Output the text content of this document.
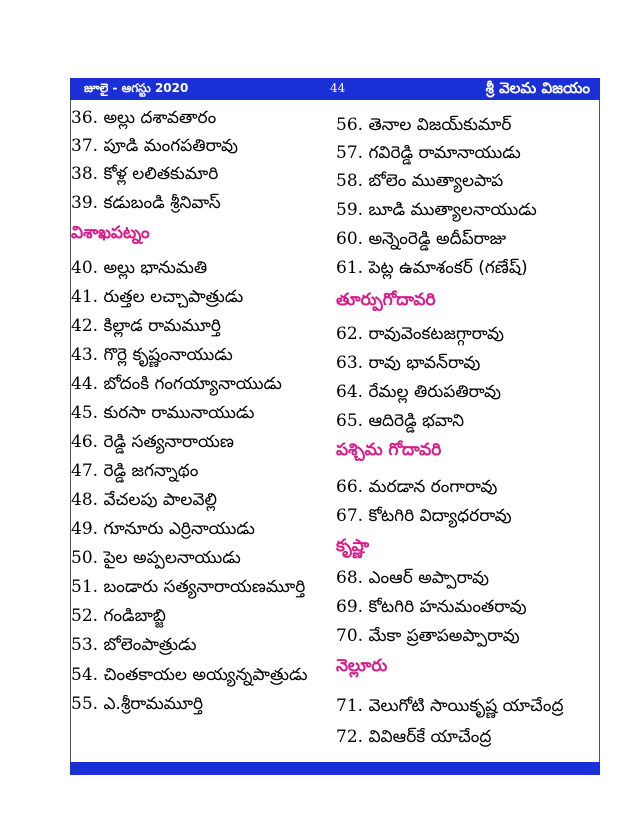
జూలై - ఆగస్టు 2020	44	శ్రీ వెలమ విజయం
36. అల్లు దశావతారం
37. పూడి మంగపతిరావు
38. కోళ్ల లలితకుమారి
39. కడుబండి శ్రీనివాస్
విశాఖపట్నం
40. అల్లు భానుమతి
41. రుత్తల లచ్చాపాత్రుడు
42. కిల్లాడ రామమూర్తి
43. గొర్లె కృష్ణంనాయుడు
44. బోదంకి గంగయ్యానాయుడు
45. కురసా రామునాయుడు
46. రెడ్డి సత్యనారాయణ
47. రెడ్డి జగన్నాథం
48. వేచలపు పాలవెల్లి
49. గూనూరు ఎర్రినాయుడు
50. పైల అప్పలనాయుడు
51. బండారు సత్యనారాయణమూర్తి
52. గండిబాబ్జి
53. బోలెంపాత్రుడు
54. చింతకాయల అయ్యన్నపాత్రుడు
55. ఎ.శ్రీరామమూర్తి
56. తెనాల విజయ్‌కుమార్
57. గవిరెడ్డి రామానాయుడు
58. బోలెం ముత్యాలపాప
59. బూడి ముత్యాలనాయుడు
60. అన్నెంరెడ్డి అదీప్‌రాజు
61. పెట్ల ఉమాశంకర్ (గణేష్)
తూర్పుగోదావరి
62. రావువెంకటజగ్గారావు
63. రావు భావన్‌రావు
64. రేమల్ల తిరుపతిరావు
65. ఆదిరెడ్డి భవాని
పశ్చిమ గోదావరి
66. మరడాన రంగారావు
67. కోటగిరి విద్యాధరరావు
కృష్ణా
68. ఎంఆర్ అప్పారావు
69. కోటగిరి హనుమంతరావు
70. మేకా ప్రతాపఅప్పారావు
నెల్లూరు
71. వెలుగోటి సాయికృష్ణ యాచేంద్ర
72. వివిఆర్‌కే యాచేంద్ర
